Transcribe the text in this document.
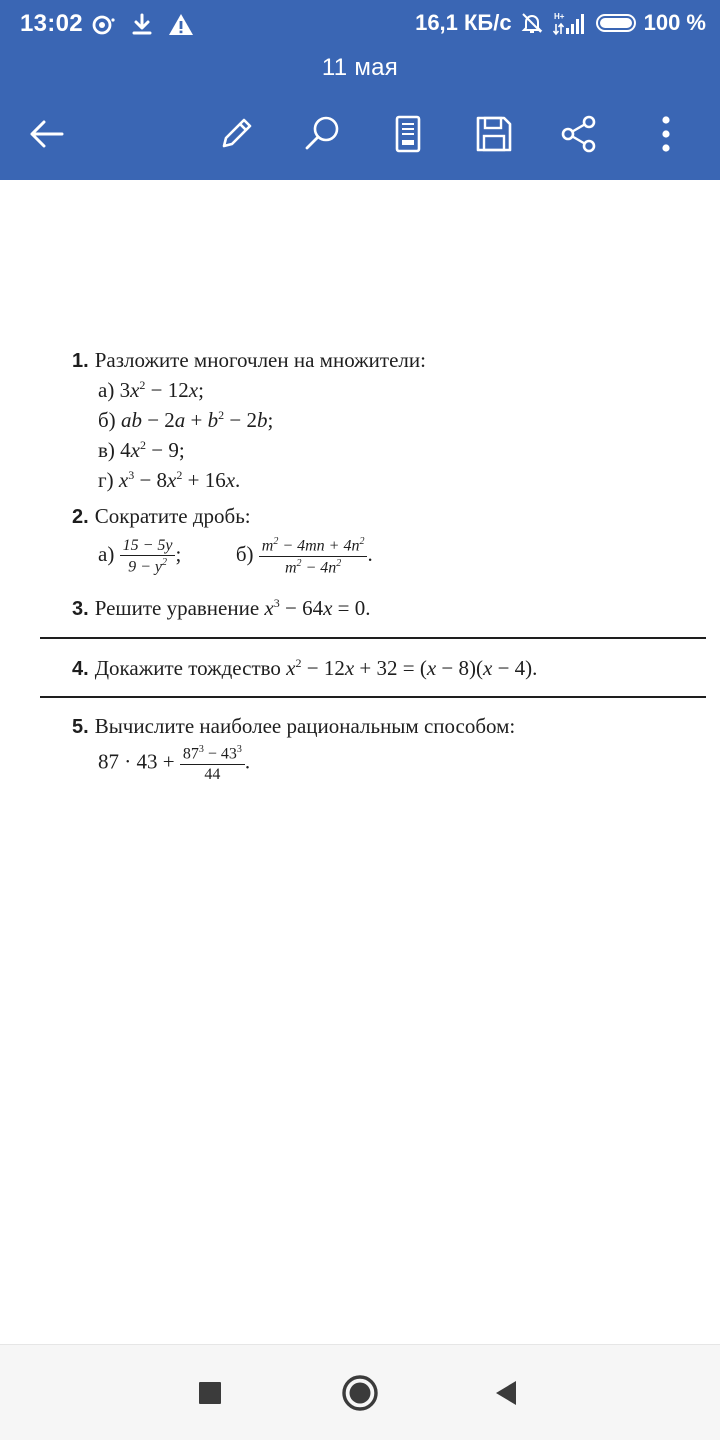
13:02	16,1 КБ/с	H+	100 %
11 мая
1. Разложите многочлен на множители:
а) $3x^2 - 12x$;
б) ab − $2a + b^2 - 2b$;
в) $4x^2 - 9$;
г) $x^3 - 8x^2 + 16x$.
2. Сократите дробь:
$а) \frac{15 - 5y}{9 - y^2}$ ;	$б) \frac{m^2 - 4mn + 4n^2}{m^2 - 4n^2}$ .
3. Решите уравнение $x^3 - 64x = 0$.
4. Докажите тождество $x^2 - 12x + 32 = (x - 8)(x - 4)$.
5. Вычислите наиболее рациональным способом:
$87 \cdot 43 + \frac{87^3 - 43^3}{44}$ .
